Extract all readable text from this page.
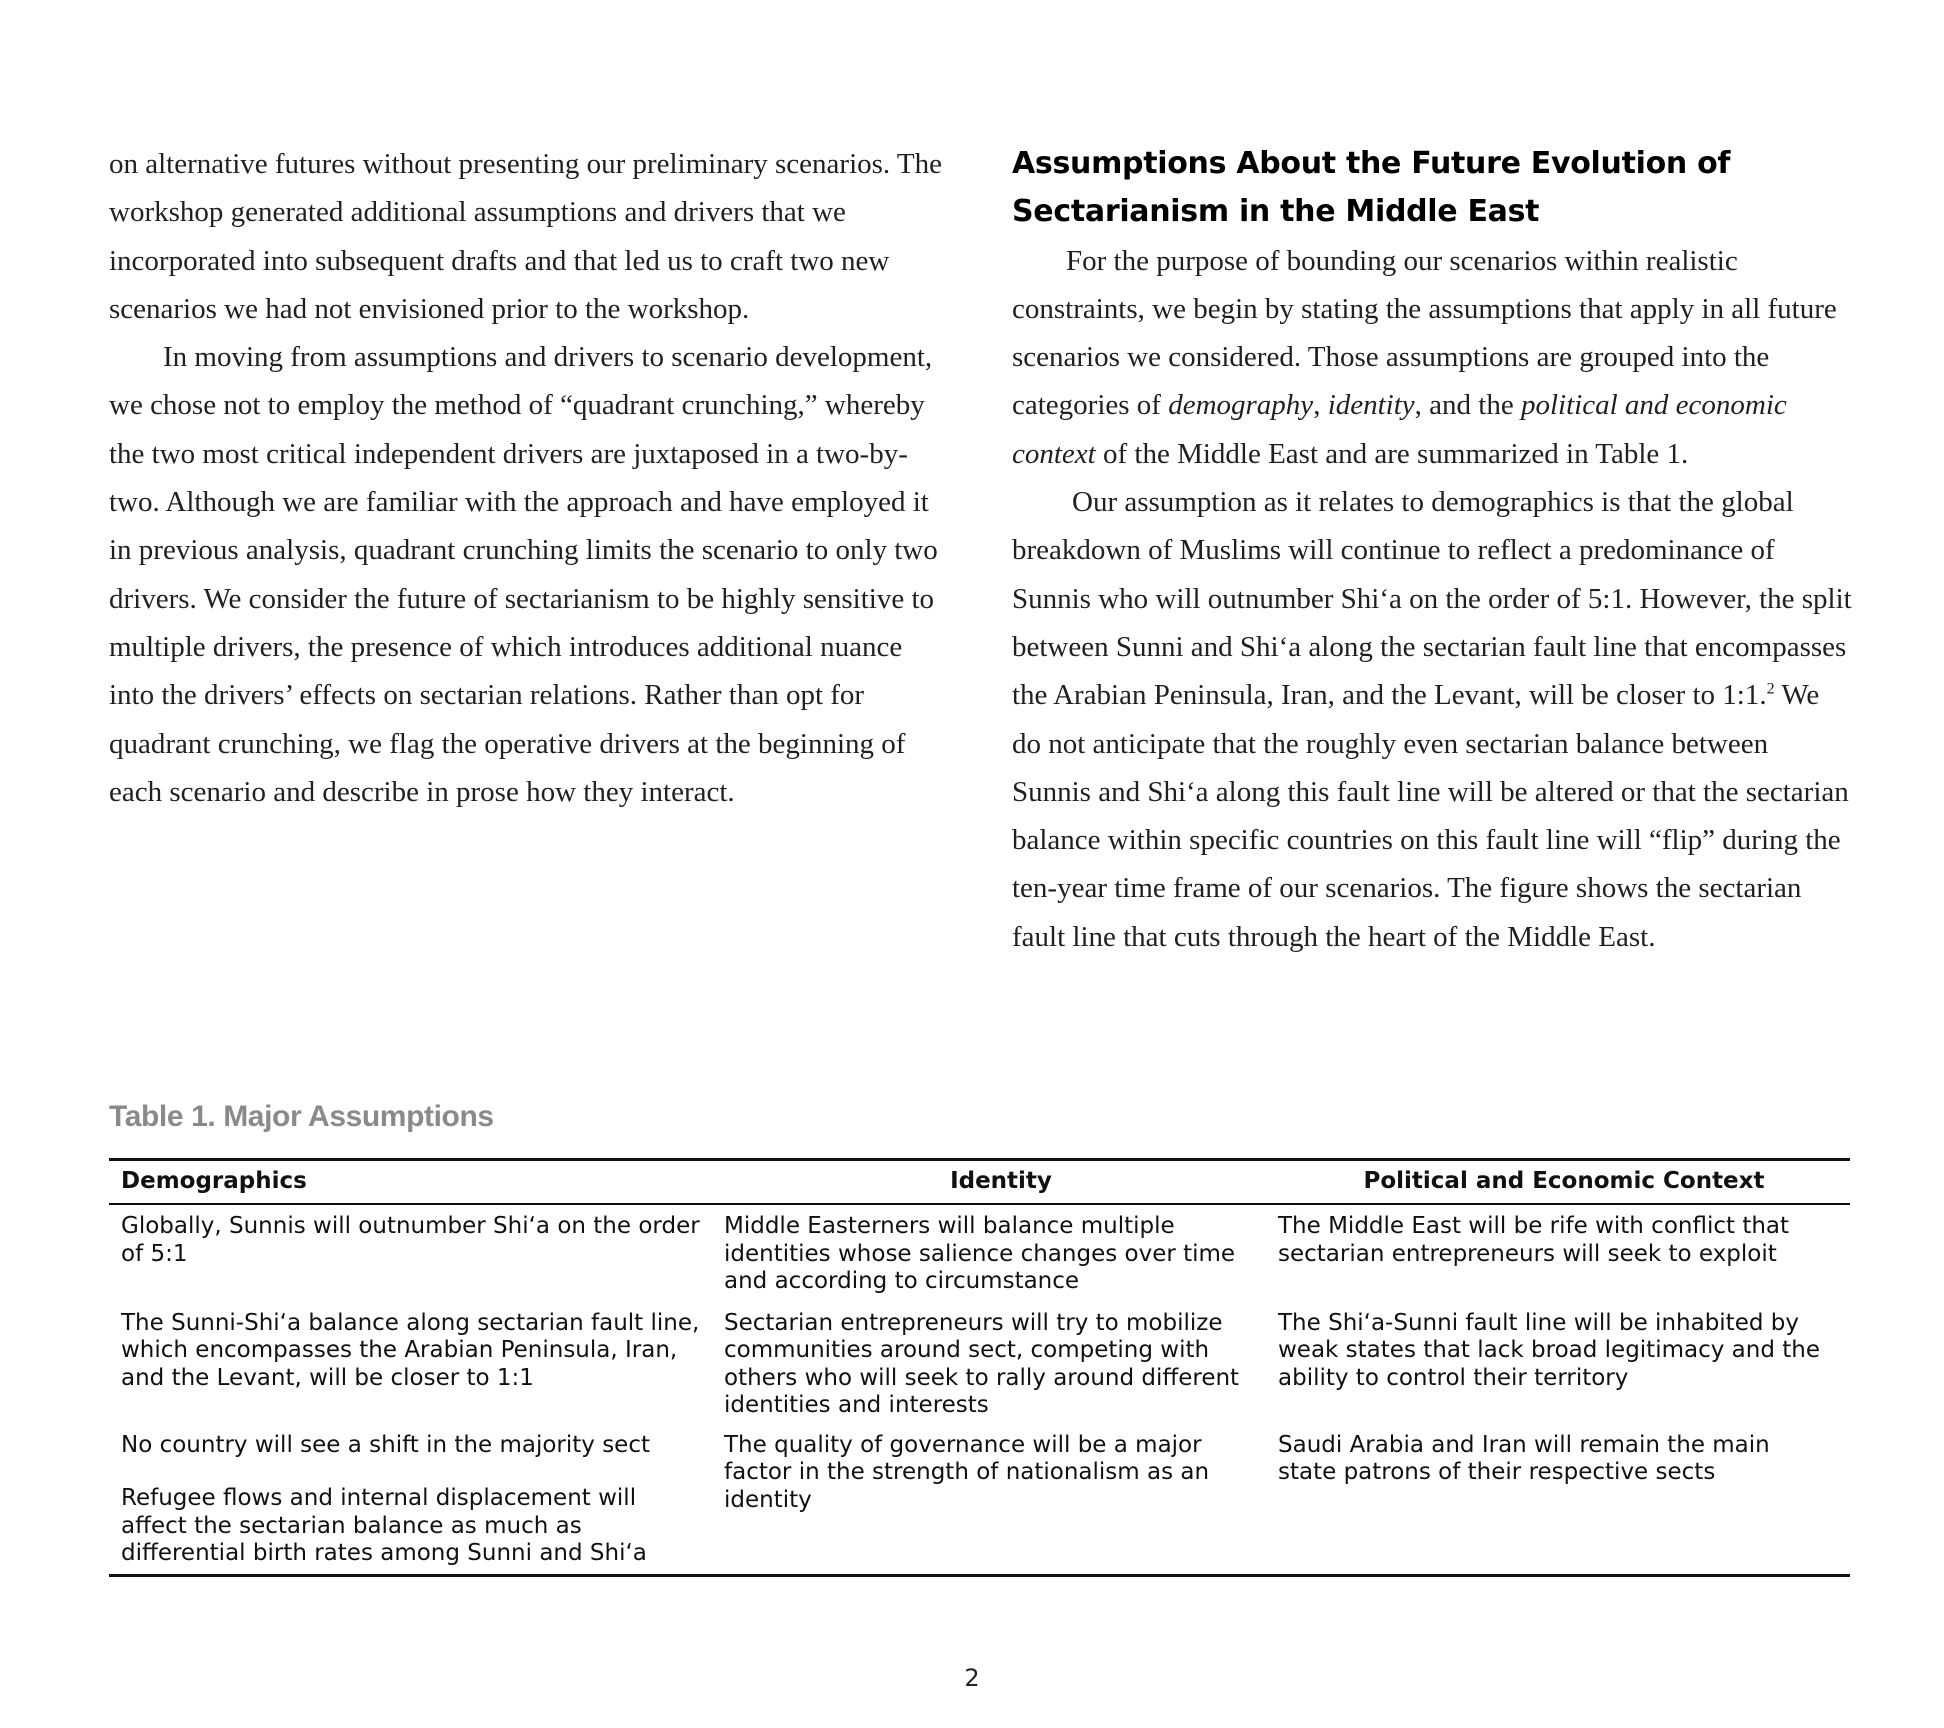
on alternative futures without presenting our preliminary scenarios. The workshop generated additional assumptions and drivers that we incorporated into subsequent drafts and that led us to craft two new scenarios we had not envisioned prior to the workshop.

In moving from assumptions and drivers to scenario development, we chose not to employ the method of “quadrant crunching,” whereby the two most critical independent drivers are juxtaposed in a two-by-two. Although we are familiar with the approach and have employed it in previous analysis, quadrant crunching limits the scenario to only two drivers. We consider the future of sectarianism to be highly sensitive to multiple drivers, the presence of which introduces additional nuance into the drivers’ effects on sectarian relations. Rather than opt for quadrant crunching, we flag the operative drivers at the beginning of each scenario and describe in prose how they interact.

Assumptions About the Future Evolution of Sectarianism in the Middle East

For the purpose of bounding our scenarios within realistic constraints, we begin by stating the assumptions that apply in all future scenarios we considered. Those assumptions are grouped into the categories of demography, identity, and the political and economic context of the Middle East and are summarized in Table 1.

Our assumption as it relates to demographics is that the global breakdown of Muslims will continue to reflect a predominance of Sunnis who will outnumber Shi‘a on the order of 5:1. However, the split between Sunni and Shi‘a along the sectarian fault line that encompasses the Arabian Peninsula, Iran, and the Levant, will be closer to 1:1.$^2$ We do not anticipate that the roughly even sectarian balance between Sunnis and Shi‘a along this fault line will be altered or that the sectarian balance within specific countries on this fault line will “flip” during the ten-year time frame of our scenarios. The figure shows the sectarian fault line that cuts through the heart of the Middle East.

Table 1. Major Assumptions
Demographics	Identity	Political and Economic Context
Globally, Sunnis will outnumber Shi‘a on the order of 5:1
Middle Easterners will balance multiple identities whose salience changes over time and according to circumstance
The Middle East will be rife with conflict that sectarian entrepreneurs will seek to exploit
The Sunni-Shi‘a balance along sectarian fault line, which encompasses the Arabian Peninsula, Iran, and the Levant, will be closer to 1:1
Sectarian entrepreneurs will try to mobilize communities around sect, competing with others who will seek to rally around different identities and interests
The Shi‘a-Sunni fault line will be inhabited by weak states that lack broad legitimacy and the ability to control their territory
No country will see a shift in the majority sect
Refugee flows and internal displacement will affect the sectarian balance as much as differential birth rates among Sunni and Shi‘a
The quality of governance will be a major factor in the strength of nationalism as an identity
Saudi Arabia and Iran will remain the main state patrons of their respective sects
2
